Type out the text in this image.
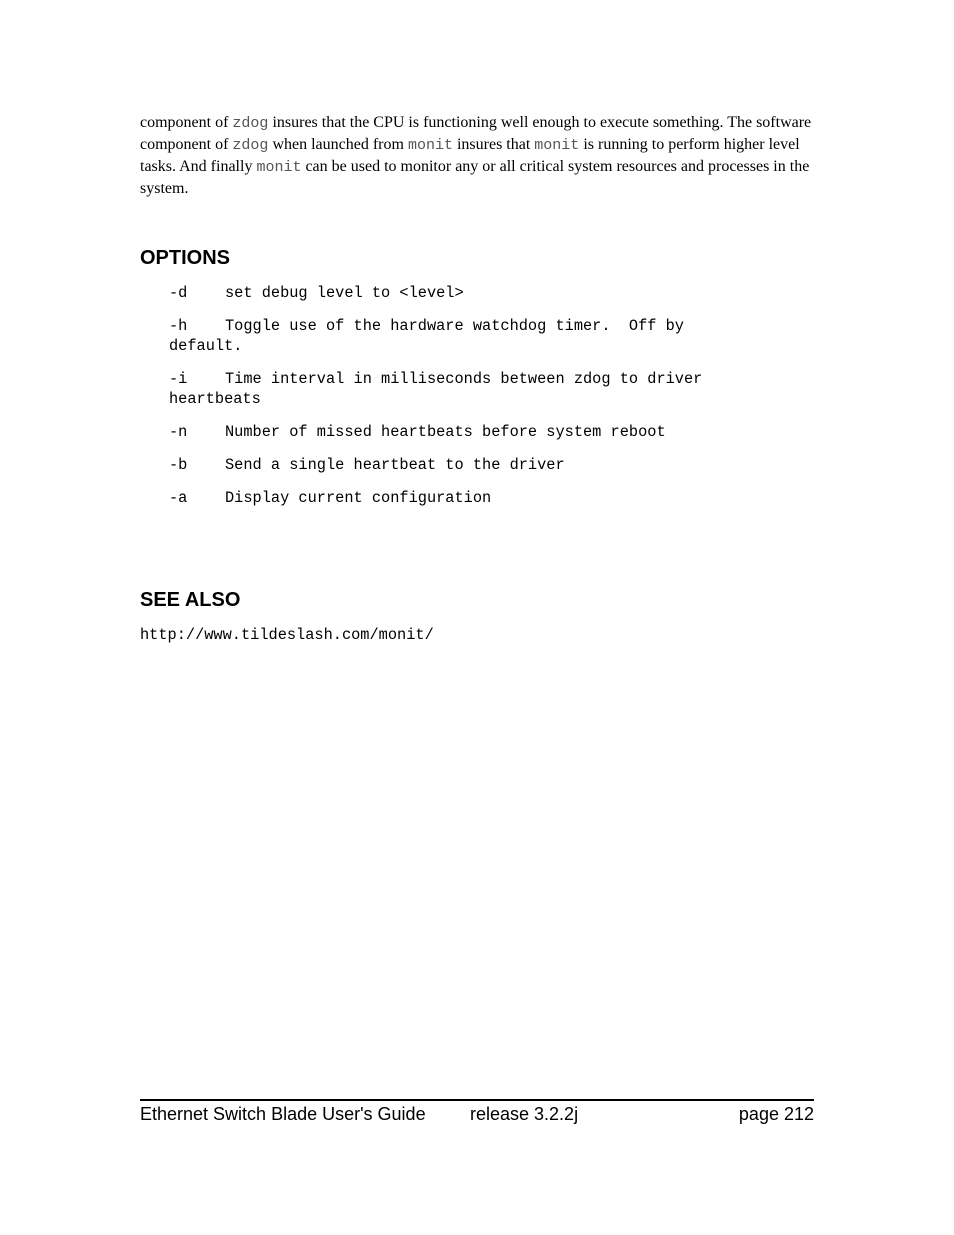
component of zdog insures that the CPU is functioning well enough to execute something. The software component of zdog when launched from monit insures that monit is running to perform higher level tasks. And finally monit can be used to monitor any or all critical system resources and processes in the system.

OPTIONS
-d set debug level to <level>
-h Toggle use of the hardware watchdog timer.  Off by
default.
-i Time interval in milliseconds between zdog to driver
heartbeats
-n Number of missed heartbeats before system reboot
-b Send a single heartbeat to the driver
-a Display current configuration
SEE ALSO
http://www.tildeslash.com/monit/
Ethernet Switch Blade User's Guide release 3.2.2j	page 212
